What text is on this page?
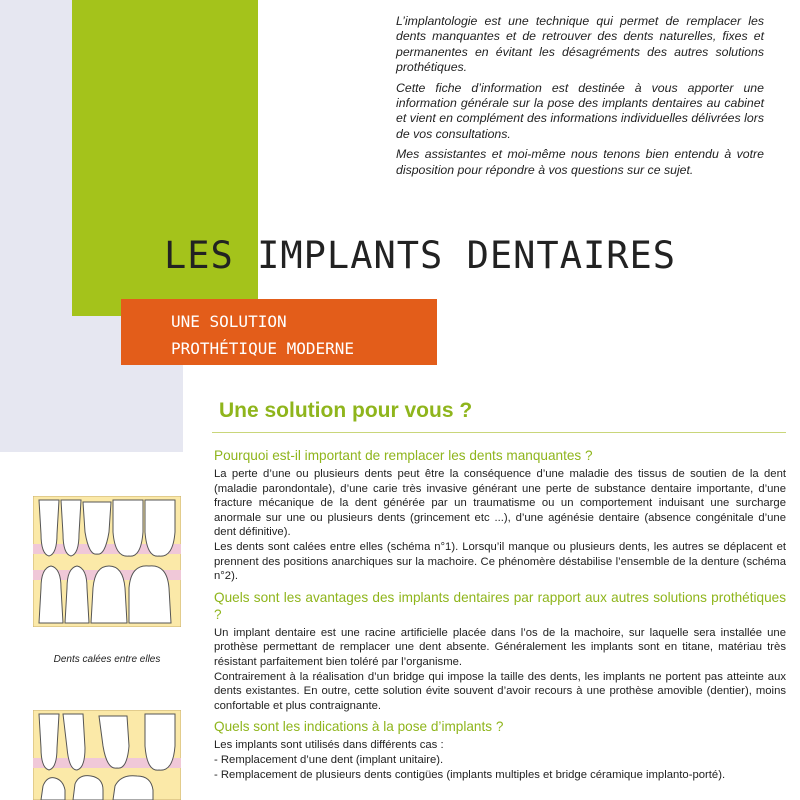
L’implantologie est une technique qui permet de remplacer les dents manquantes et de retrouver des dents naturelles, fixes et permanentes en évitant les désagréments des autres solutions prothétiques.

Cette fiche d’information est destinée à vous apporter une information générale sur la pose des implants dentaires au cabinet et vient en complément des informations individuelles délivrées lors de vos consultations.

Mes assistantes et moi-même nous tenons bien entendu à votre disposition pour répondre à vos questions sur ce sujet.

LES IMPLANTS DENTAIRES
UNE SOLUTION
PROTHÉTIQUE MODERNE
Une solution pour vous ?

Pourquoi est-il important de remplacer les dents manquantes ?

La perte d’une ou plusieurs dents peut être la conséquence d’une maladie des tissus de soutien de la dent (maladie parondontale), d’une carie très invasive générant une perte de substance dentaire importante, d’une fracture mécanique de la dent générée par un traumatisme ou un comportement induisant une surcharge anormale sur une ou plusieurs dents (grincement etc ...), d’une agénésie dentaire (absence congénitale d’une dent définitive).

Les dents sont calées entre elles (schéma n°1). Lorsqu’il manque ou plusieurs dents, les autres se déplacent et prennent des positions anarchiques sur la machoire. Ce phénomère déstabilise l’ensemble de la denture (schéma n°2).

Quels sont les avantages des implants dentaires par rapport aux autres solutions prothétiques ?

Un implant dentaire est une racine artificielle placée dans l’os de la machoire, sur laquelle sera installée une prothèse permettant de remplacer une dent absente. Généralement les implants sont en titane, matériau très résistant parfaitement bien toléré par l’organisme.

Contrairement à la réalisation d’un bridge qui impose la taille des dents, les implants ne portent pas atteinte aux dents existantes. En outre, cette solution évite souvent d’avoir recours à une prothèse amovible (dentier), moins confortable et plus contraignante.

Quels sont les indications à la pose d’implants ?

Les implants sont utilisés dans différents cas :

- Remplacement d’une dent (implant unitaire).

- Remplacement de plusieurs dents contigües (implants multiples et bridge céramique implanto-porté).

Dents calées entre elles
